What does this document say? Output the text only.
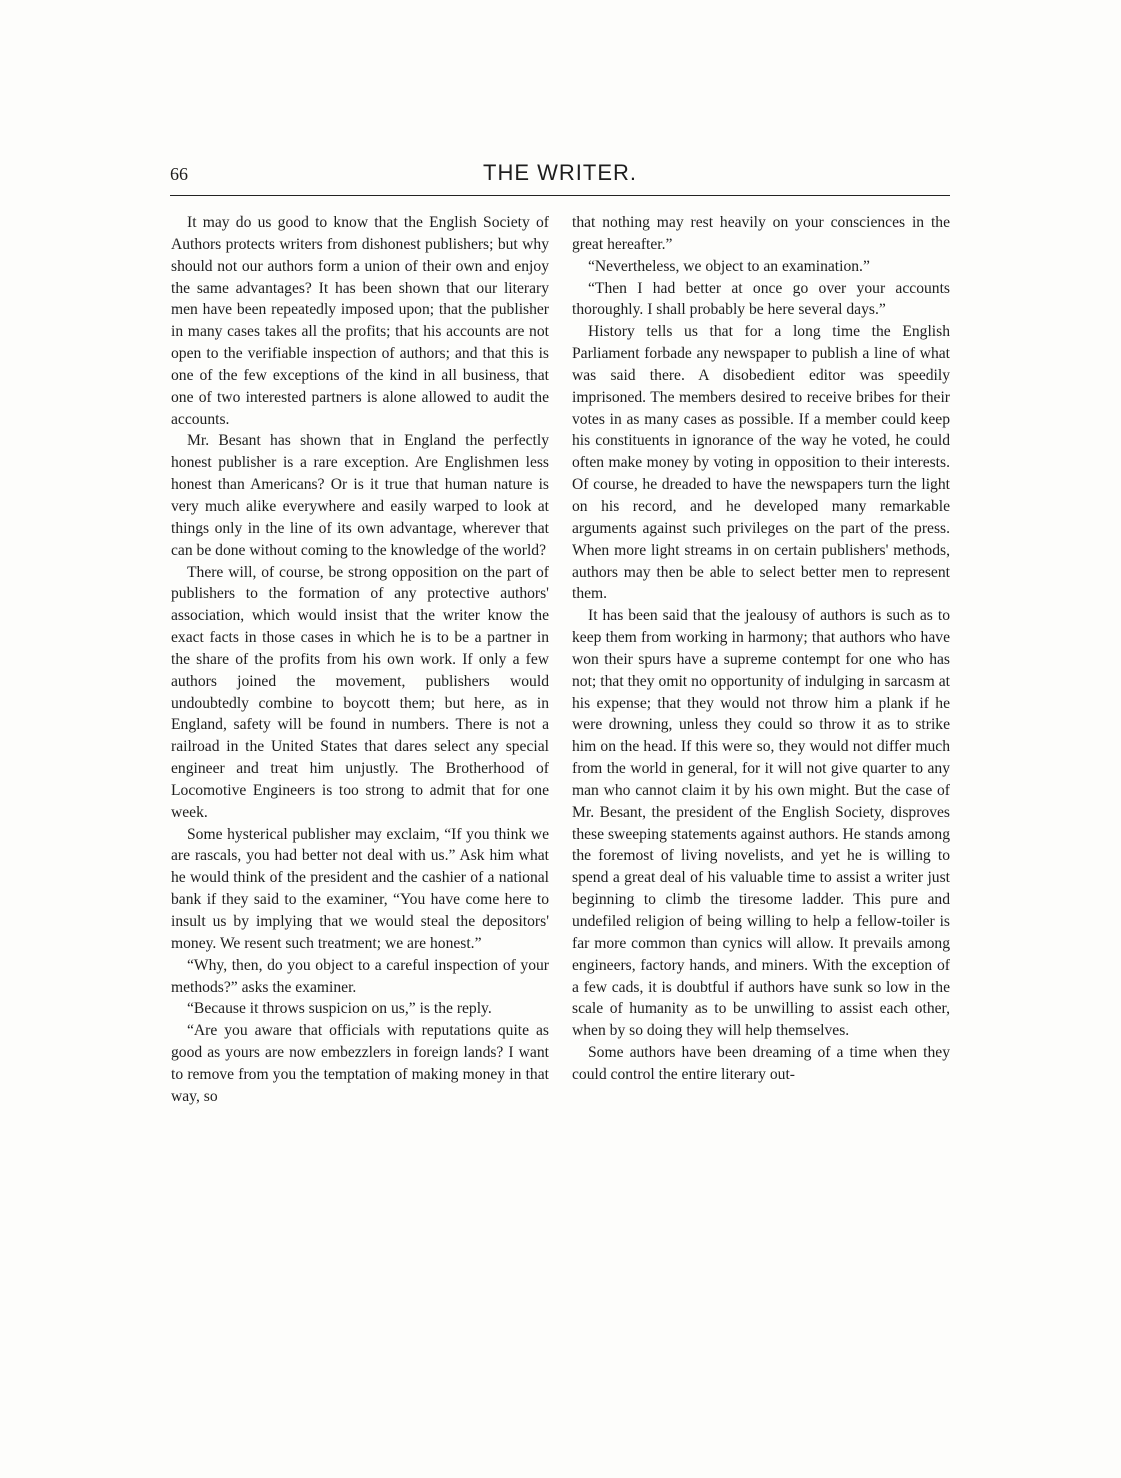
66	THE WRITER.

It may do us good to know that the English Society of Authors protects writers from dishonest publishers; but why should not our authors form a union of their own and enjoy the same advantages? It has been shown that our literary men have been repeatedly imposed upon; that the publisher in many cases takes all the profits; that his accounts are not open to the verifiable inspection of authors; and that this is one of the few exceptions of the kind in all business, that one of two interested partners is alone allowed to audit the accounts.

Mr. Besant has shown that in England the perfectly honest publisher is a rare exception. Are Englishmen less honest than Americans? Or is it true that human nature is very much alike everywhere and easily warped to look at things only in the line of its own advantage, wherever that can be done without coming to the knowledge of the world?

There will, of course, be strong opposition on the part of publishers to the formation of any protective authors' association, which would insist that the writer know the exact facts in those cases in which he is to be a partner in the share of the profits from his own work. If only a few authors joined the movement, publishers would undoubtedly combine to boycott them; but here, as in England, safety will be found in numbers. There is not a railroad in the United States that dares select any special engineer and treat him unjustly. The Brotherhood of Locomotive Engineers is too strong to admit that for one week.

Some hysterical publisher may exclaim, “If you think we are rascals, you had better not deal with us.” Ask him what he would think of the president and the cashier of a national bank if they said to the examiner, “You have come here to insult us by implying that we would steal the depositors' money. We resent such treatment; we are honest.”

“Why, then, do you object to a careful inspection of your methods?” asks the examiner.

“Because it throws suspicion on us,” is the reply.

“Are you aware that officials with reputations quite as good as yours are now embezzlers in foreign lands? I want to remove from you the temptation of making money in that way, so

that nothing may rest heavily on your consciences in the great hereafter.”

“Nevertheless, we object to an examination.”

“Then I had better at once go over your accounts thoroughly. I shall probably be here several days.”

History tells us that for a long time the English Parliament forbade any newspaper to publish a line of what was said there. A disobedient editor was speedily imprisoned. The members desired to receive bribes for their votes in as many cases as possible. If a member could keep his constituents in ignorance of the way he voted, he could often make money by voting in opposition to their interests. Of course, he dreaded to have the newspapers turn the light on his record, and he developed many remarkable arguments against such privileges on the part of the press. When more light streams in on certain publishers' methods, authors may then be able to select better men to represent them.

It has been said that the jealousy of authors is such as to keep them from working in harmony; that authors who have won their spurs have a supreme contempt for one who has not; that they omit no opportunity of indulging in sarcasm at his expense; that they would not throw him a plank if he were drowning, unless they could so throw it as to strike him on the head. If this were so, they would not differ much from the world in general, for it will not give quarter to any man who cannot claim it by his own might. But the case of Mr. Besant, the president of the English Society, disproves these sweeping statements against authors. He stands among the foremost of living novelists, and yet he is willing to spend a great deal of his valuable time to assist a writer just beginning to climb the tiresome ladder. This pure and undefiled religion of being willing to help a fellow-toiler is far more common than cynics will allow. It prevails among engineers, factory hands, and miners. With the exception of a few cads, it is doubtful if authors have sunk so low in the scale of humanity as to be unwilling to assist each other, when by so doing they will help themselves.

Some authors have been dreaming of a time when they could control the entire literary out-
